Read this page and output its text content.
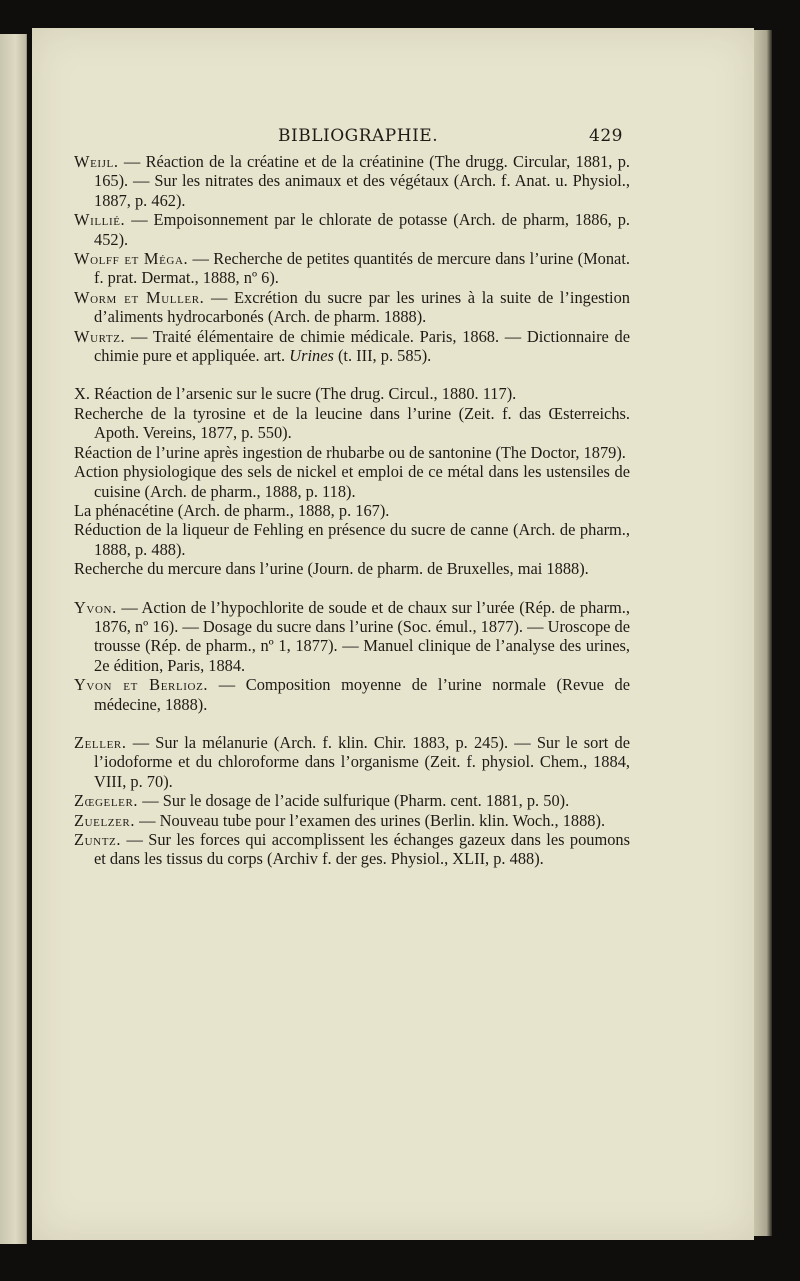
BIBLIOGRAPHIE.	429

Weijl. — Réaction de la créatine et de la créatinine (The drugg. Circular, 1881, p. 165). — Sur les nitrates des animaux et des végétaux (Arch. f. Anat. u. Physiol., 1887, p. 462).

Willié. — Empoisonnement par le chlorate de potasse (Arch. de pharm, 1886, p. 452).

Wolff et Méga. — Recherche de petites quantités de mercure dans l’urine (Monat. f. prat. Dermat., 1888, nº 6).

Worm et Muller. — Excrétion du sucre par les urines à la suite de l’ingestion d’aliments hydrocarbonés (Arch. de pharm. 1888).

Wurtz. — Traité élémentaire de chimie médicale. Paris, 1868. — Dictionnaire de chimie pure et appliquée. art. Urines (t. III, p. 585).

X. Réaction de l’arsenic sur le sucre (The drug. Circul., 1880. 117).

Recherche de la tyrosine et de la leucine dans l’urine (Zeit. f. das Œsterreichs. Apoth. Vereins, 1877, p. 550).

Réaction de l’urine après ingestion de rhubarbe ou de santonine (The Doctor, 1879).

Action physiologique des sels de nickel et emploi de ce métal dans les ustensiles de cuisine (Arch. de pharm., 1888, p. 118).

La phénacétine (Arch. de pharm., 1888, p. 167).

Réduction de la liqueur de Fehling en présence du sucre de canne (Arch. de pharm., 1888, p. 488).

Recherche du mercure dans l’urine (Journ. de pharm. de Bruxelles, mai 1888).

Yvon. — Action de l’hypochlorite de soude et de chaux sur l’urée (Rép. de pharm., 1876, nº 16). — Dosage du sucre dans l’urine (Soc. émul., 1877). — Uroscope de trousse (Rép. de pharm., nº 1, 1877). — Manuel clinique de l’analyse des urines, 2e édition, Paris, 1884.

Yvon et Berlioz. — Composition moyenne de l’urine normale (Revue de médecine, 1888).

Zeller. — Sur la mélanurie (Arch. f. klin. Chir. 1883, p. 245). — Sur le sort de l’iodoforme et du chloroforme dans l’organisme (Zeit. f. physiol. Chem., 1884, VIII, p. 70).

Zœgeler. — Sur le dosage de l’acide sulfurique (Pharm. cent. 1881, p. 50).

Zuelzer. — Nouveau tube pour l’examen des urines (Berlin. klin. Woch., 1888).

Zuntz. — Sur les forces qui accomplissent les échanges gazeux dans les poumons et dans les tissus du corps (Archiv f. der ges. Physiol., XLII, p. 488).
